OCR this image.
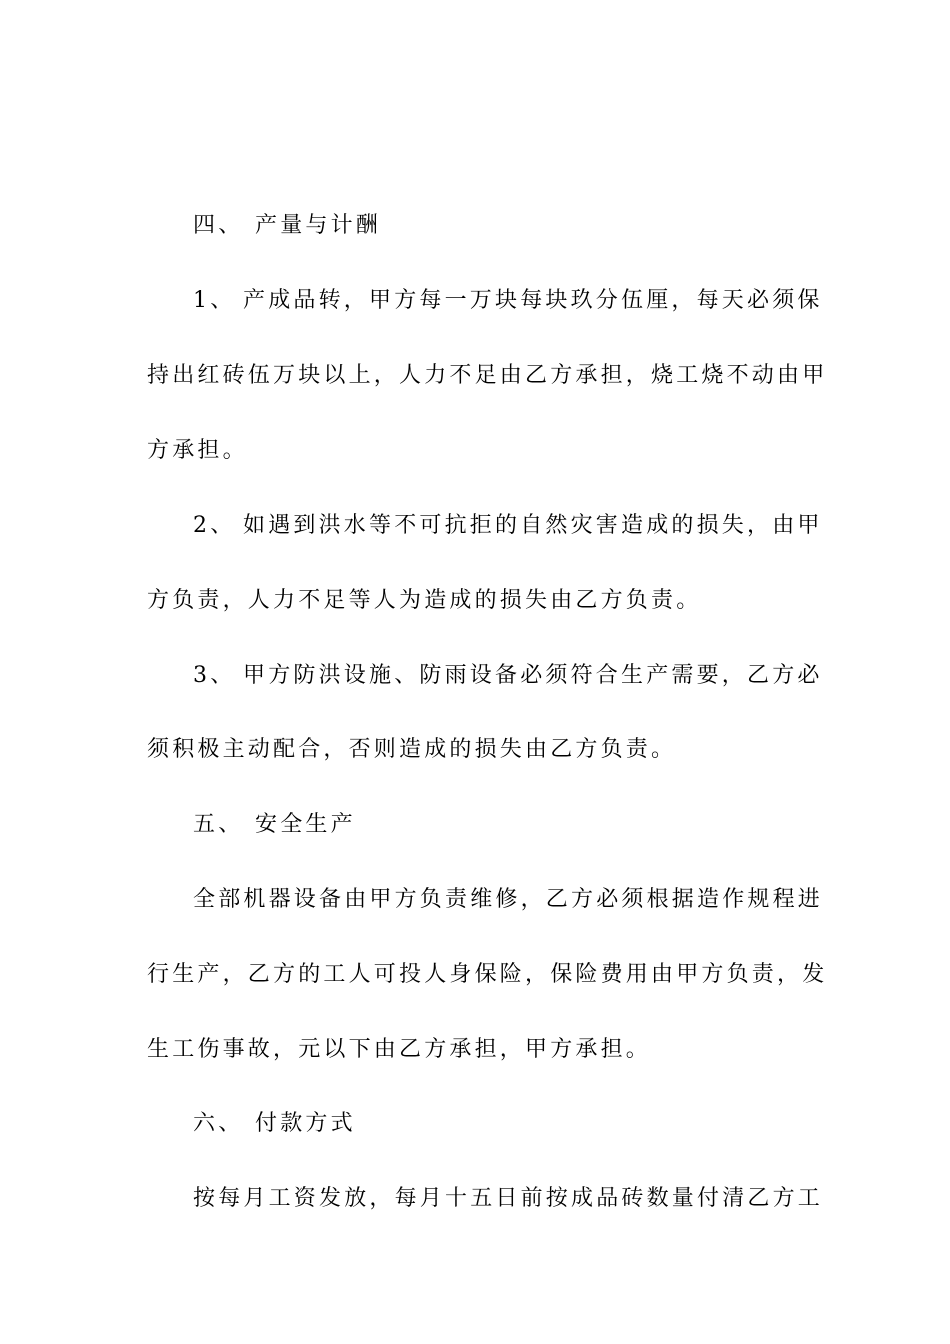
四、 产量与计酬
1、 产成品转，甲方每一万块每块玖分伍厘，每天必须保
持出红砖伍万块以上，人力不足由乙方承担，烧工烧不动由甲
方承担。
2、 如遇到洪水等不可抗拒的自然灾害造成的损失，由甲
方负责，人力不足等人为造成的损失由乙方负责。
3、 甲方防洪设施、防雨设备必须符合生产需要，乙方必
须积极主动配合，否则造成的损失由乙方负责。
五、 安全生产
全部机器设备由甲方负责维修，乙方必须根据造作规程进
行生产，乙方的工人可投人身保险，保险费用由甲方负责，发
生工伤事故，元以下由乙方承担，甲方承担。
六、 付款方式
按每月工资发放，每月十五日前按成品砖数量付清乙方工
